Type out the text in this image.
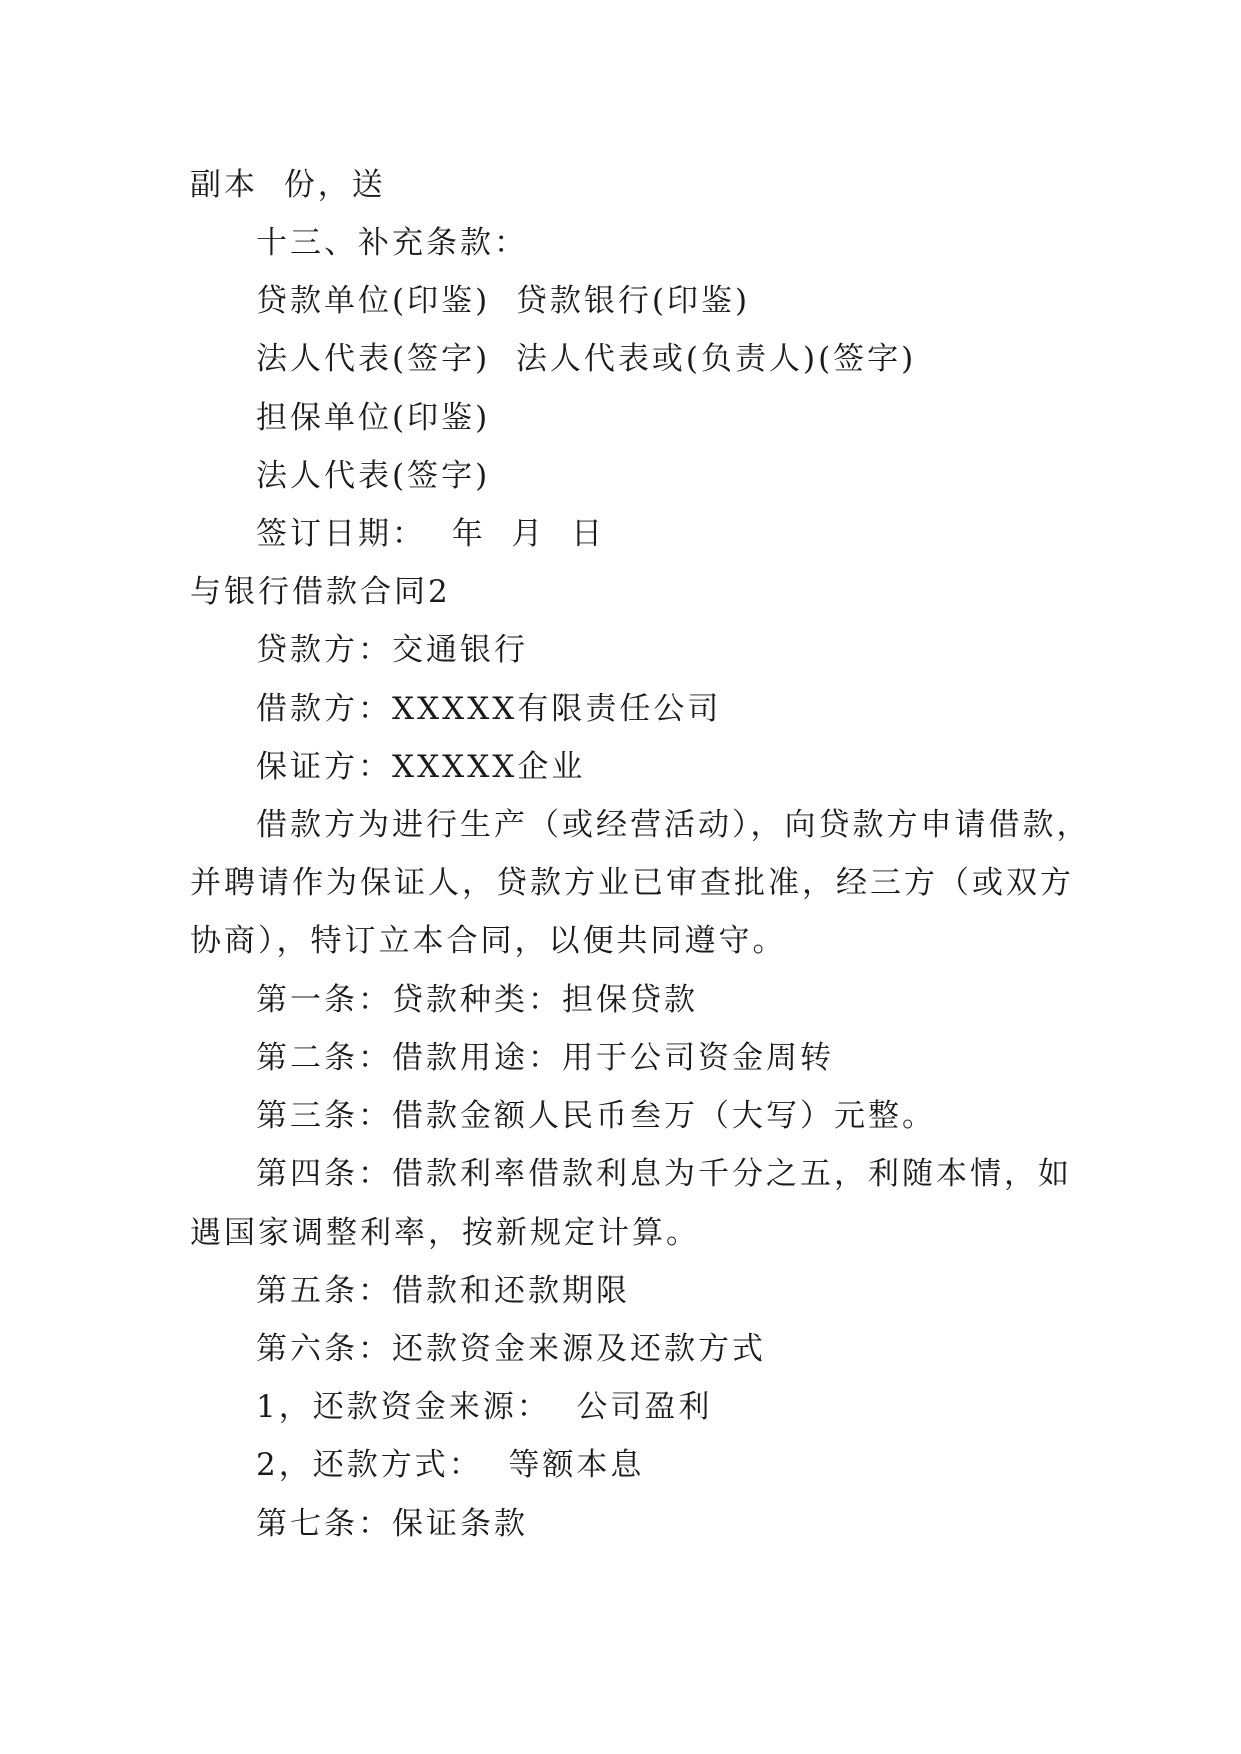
副本  份，送

十三、补充条款：

贷款单位(印鉴)  贷款银行(印鉴)

法人代表(签字)  法人代表或(负责人)(签字)

担保单位(印鉴)

法人代表(签字)

签订日期：  年  月  日

与银行借款合同2

贷款方：交通银行

借款方：XXXXX有限责任公司

保证方：XXXXX企业

借款方为进行生产（或经营活动），向贷款方申请借款，

并聘请作为保证人，贷款方业已审查批准，经三方（或双方

协商），特订立本合同，以便共同遵守。

第一条：贷款种类：担保贷款

第二条：借款用途：用于公司资金周转

第三条：借款金额人民币叁万（大写）元整。

第四条：借款利率借款利息为千分之五，利随本情，如

遇国家调整利率，按新规定计算。

第五条：借款和还款期限

第六条：还款资金来源及还款方式

1，还款资金来源：  公司盈利

2，还款方式：  等额本息

第七条：保证条款
